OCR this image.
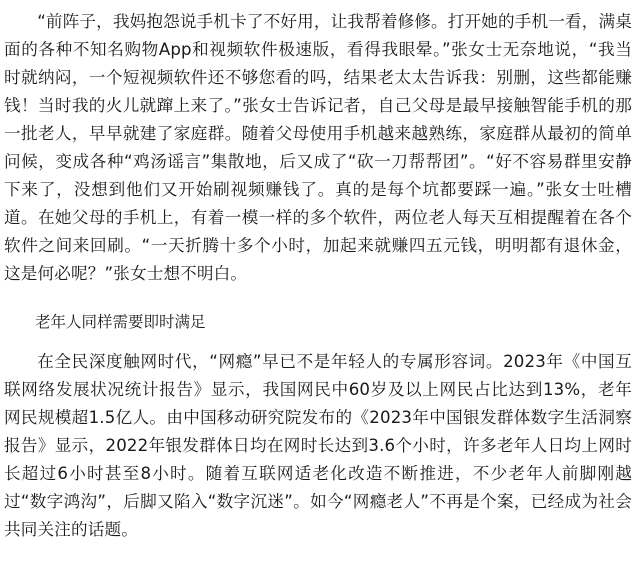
“前阵子，我妈抱怨说手机卡了不好用，让我帮着修修。打开她的手机一看，满桌面的各种不知名购物App和视频软件极速版，看得我眼晕。”张女士无奈地说，“我当时就纳闷，一个短视频软件还不够您看的吗，结果老太太告诉我：别删，这些都能赚钱！当时我的火儿就蹿上来了。”张女士告诉记者，自己父母是最早接触智能手机的那一批老人，早早就建了家庭群。随着父母使用手机越来越熟练，家庭群从最初的简单问候，变成各种“鸡汤谣言”集散地，后又成了“砍一刀帮帮团”。“好不容易群里安静下来了，没想到他们又开始刷视频赚钱了。真的是每个坑都要踩一遍。”张女士吐槽道。在她父母的手机上，有着一模一样的多个软件，两位老人每天互相提醒着在各个软件之间来回刷。“一天折腾十多个小时，加起来就赚四五元钱，明明都有退休金，这是何必呢？”张女士想不明白。

老年人同样需要即时满足

在全民深度触网时代，“网瘾”早已不是年轻人的专属形容词。2023年《中国互联网络发展状况统计报告》显示，我国网民中60岁及以上网民占比达到13%，老年网民规模超1.5亿人。由中国移动研究院发布的《2023年中国银发群体数字生活洞察报告》显示，2022年银发群体日均在网时长达到3.6个小时，许多老年人日均上网时长超过6小时甚至8小时。随着互联网适老化改造不断推进，不少老年人前脚刚越过“数字鸿沟”，后脚又陷入“数字沉迷”。如今“网瘾老人”不再是个案，已经成为社会共同关注的话题。
